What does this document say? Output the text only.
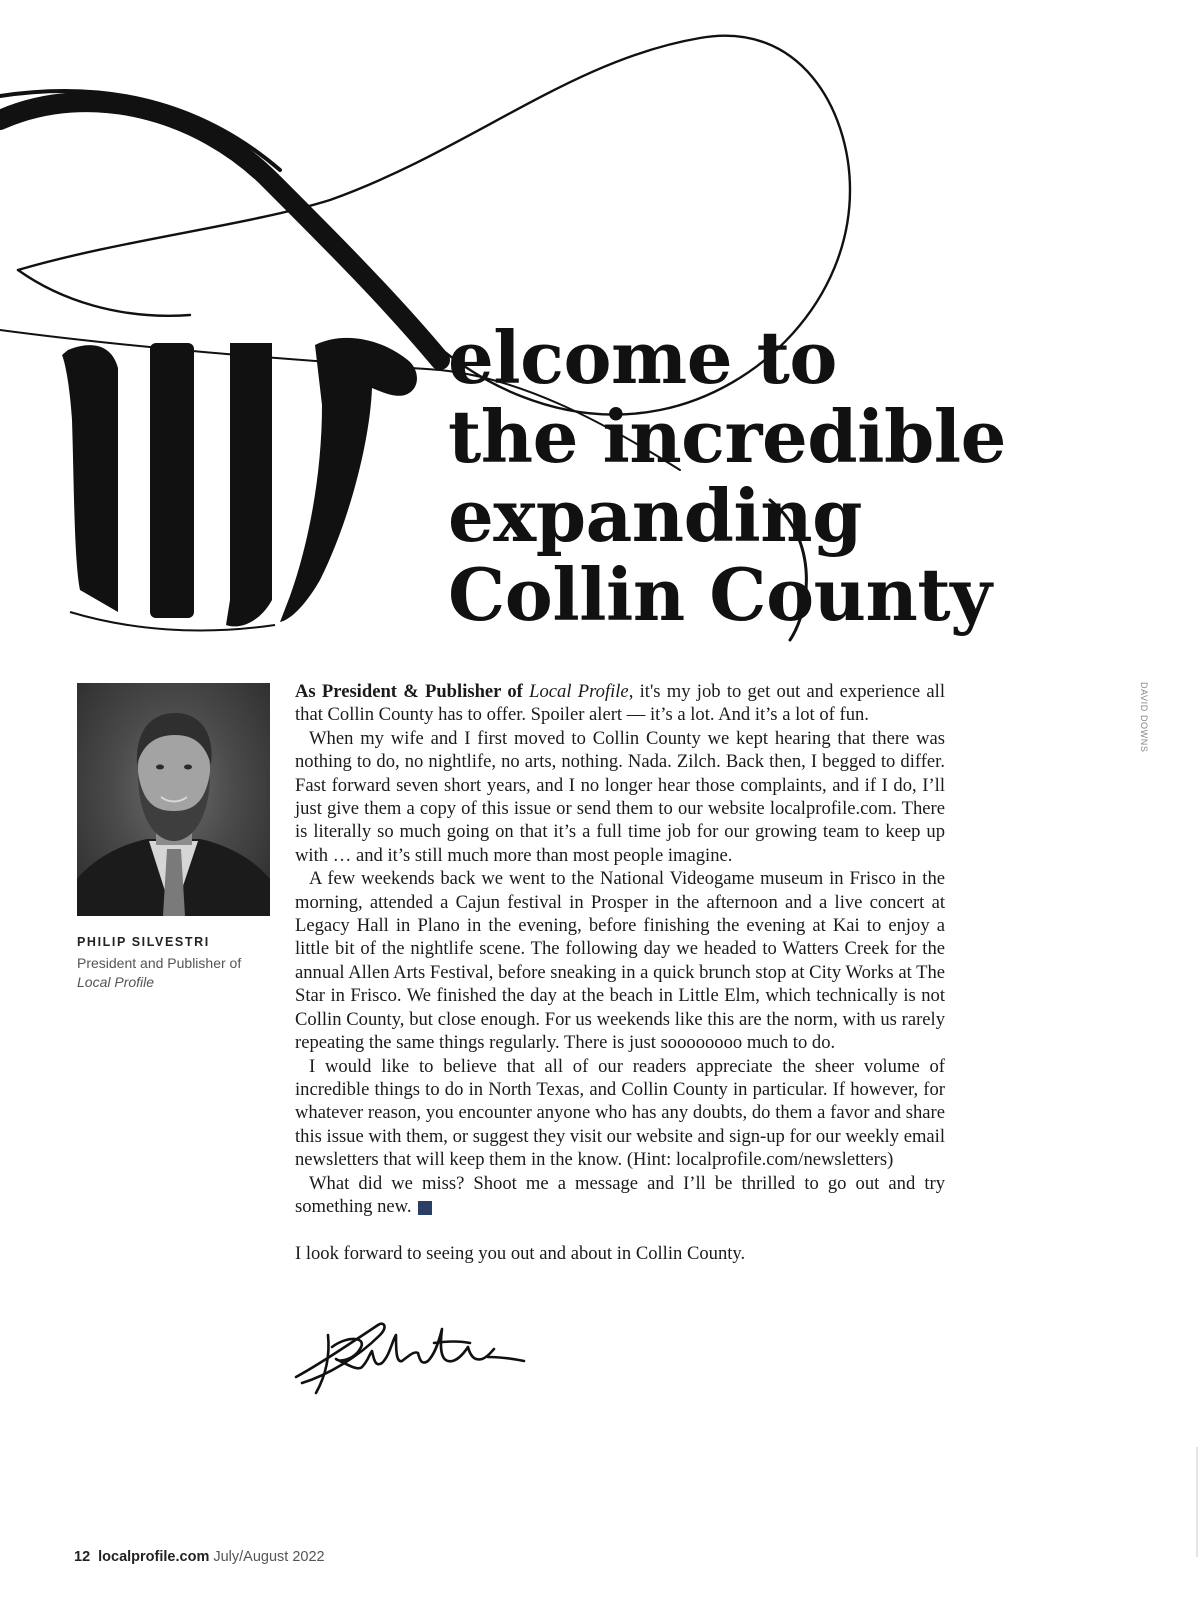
elcome to
the incredible
expanding
Collin County
PHILIP SILVESTRI
President and Publisher of
Local Profile
DAVID DOWNS

As President & Publisher of Local Profile, it's my job to get out and experience all that Collin County has to offer. Spoiler alert — it’s a lot. And it’s a lot of fun.

When my wife and I first moved to Collin County we kept hearing that there was nothing to do, no nightlife, no arts, nothing. Nada. Zilch. Back then, I begged to differ. Fast forward seven short years, and I no longer hear those complaints, and if I do, I’ll just give them a copy of this issue or send them to our website localprofile.com. There is literally so much going on that it’s a full time job for our growing team to keep up with … and it’s still much more than most people imagine.

A few weekends back we went to the National Videogame museum in Frisco in the morning, attended a Cajun festival in Prosper in the afternoon and a live concert at Legacy Hall in Plano in the evening, before finishing the evening at Kai to enjoy a little bit of the nightlife scene. The following day we headed to Watters Creek for the annual Allen Arts Festival, before sneaking in a quick brunch stop at City Works at The Star in Frisco. We finished the day at the beach in Little Elm, which technically is not Collin County, but close enough. For us weekends like this are the norm, with us rarely repeating the same things regularly. There is just soooooooo much to do.

I would like to believe that all of our readers appreciate the sheer volume of incredible things to do in North Texas, and Collin County in particular. If however, for whatever reason, you encounter anyone who has any doubts, do them a favor and share this issue with them, or suggest they visit our website and sign-up for our weekly email newsletters that will keep them in the know. (Hint: localprofile.com/newsletters)

What did we miss? Shoot me a message and I’ll be thrilled to go out and try something new. lp

I look forward to seeing you out and about in Collin County.

12 localprofile.com July/August 2022
